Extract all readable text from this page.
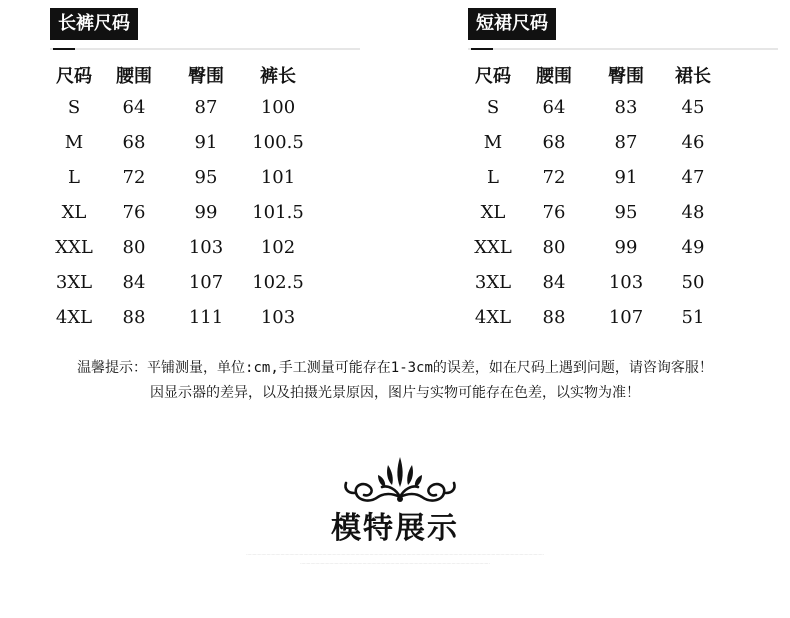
长裤尺码
尺码	腰围	臀围	裤长
S	64	87	100
M	68	91	100.5
L	72	95	101
XL	76	99	101.5
XXL	80	103	102
3XL	84	107	102.5
4XL	88	111	103
短裙尺码
尺码	腰围	臀围	裙长
S	64	83	45
M	68	87	46
L	72	91	47
XL	76	95	48
XXL	80	99	49
3XL	84	103	50
4XL	88	107	51
温馨提示：平铺测量，单位:cm,手工测量可能存在1-3cm的误差，如在尺码上遇到问题，请咨询客服！
因显示器的差异，以及拍摄光景原因，图片与实物可能存在色差，以实物为准！
模特展示
··········································································································································································································································
·····················································································································································
